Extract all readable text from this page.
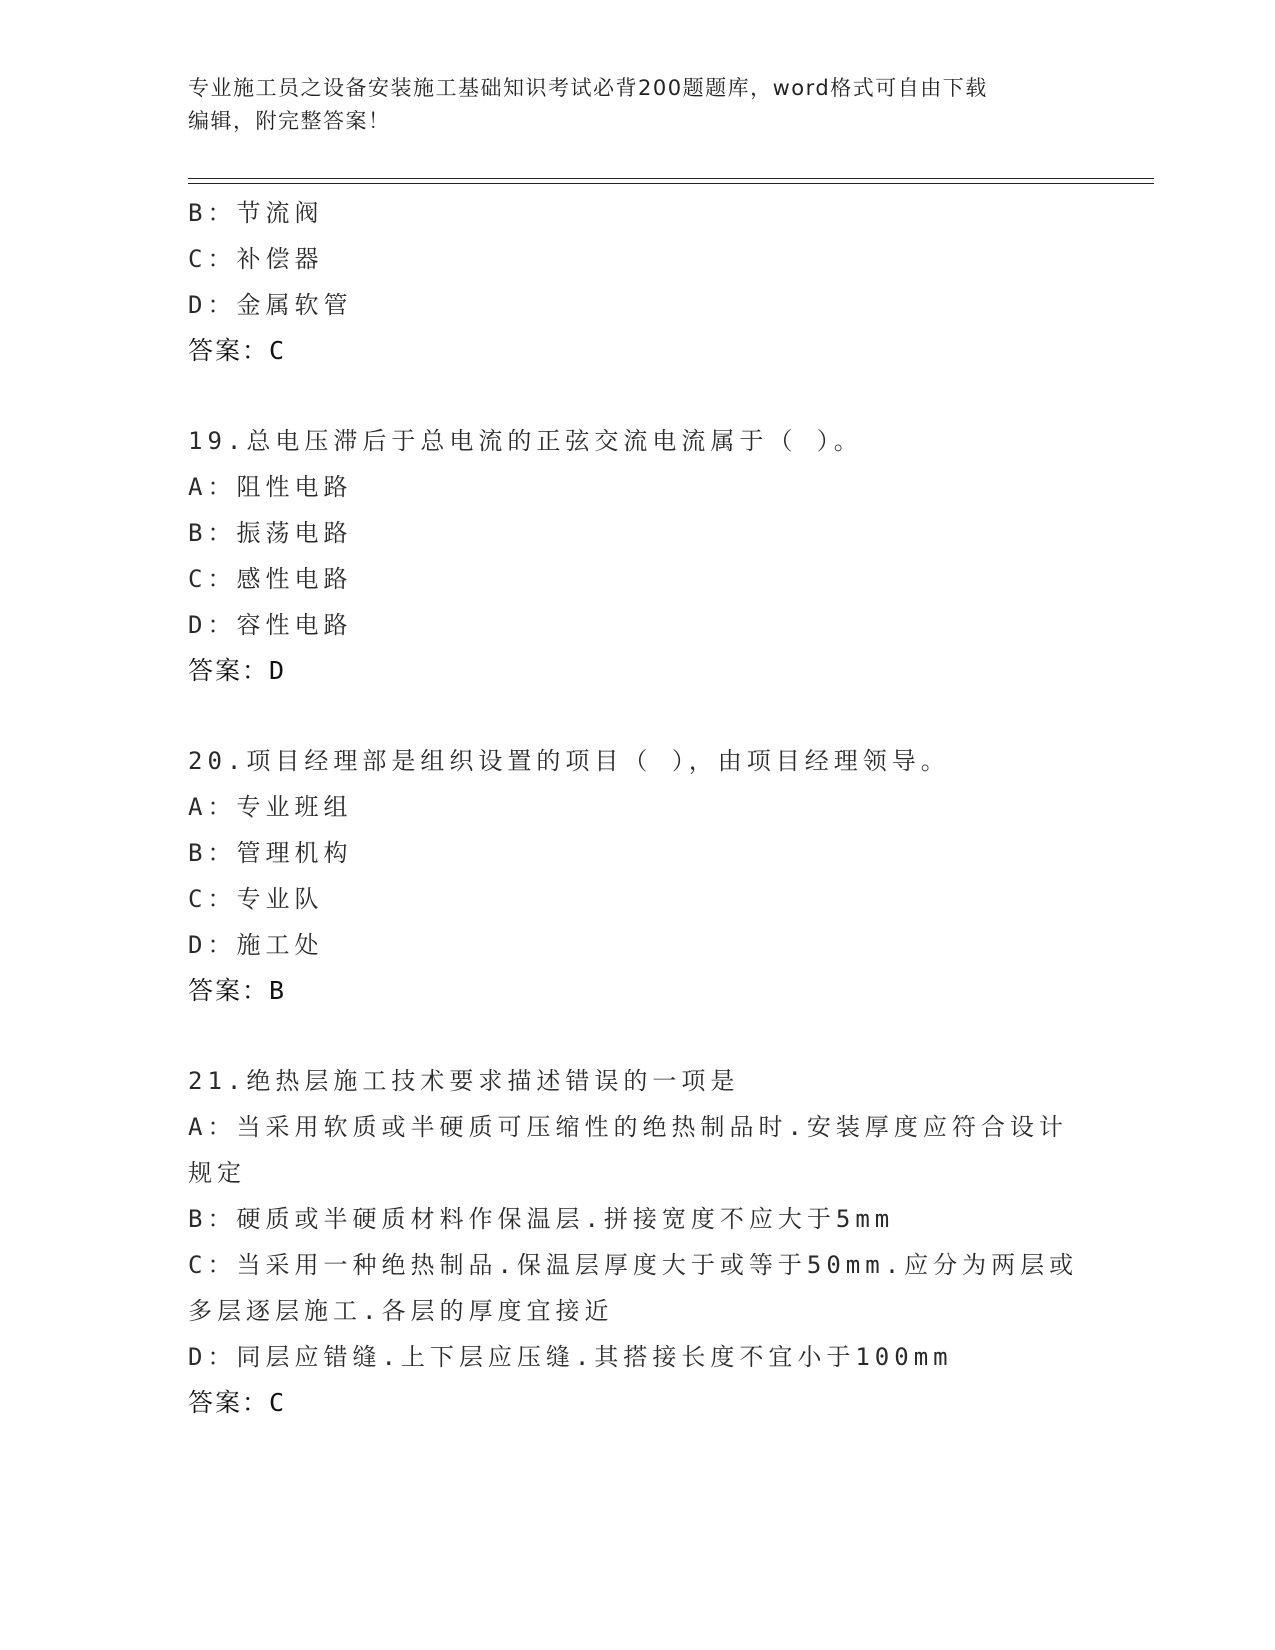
专业施工员之设备安装施工基础知识考试必背200题题库，word格式可自由下载
编辑，附完整答案！
B：节流阀
C：补偿器
D：金属软管
答案：C
19.总电压滞后于总电流的正弦交流电流属于（ ）。
A：阻性电路
B：振荡电路
C：感性电路
D：容性电路
答案：D
20.项目经理部是组织设置的项目（ ），由项目经理领导。
A：专业班组
B：管理机构
C：专业队
D：施工处
答案：B
21.绝热层施工技术要求描述错误的一项是
A：当采用软质或半硬质可压缩性的绝热制品时.安装厚度应符合设计规定
B：硬质或半硬质材料作保温层.拼接宽度不应大于5mm
C：当采用一种绝热制品.保温层厚度大于或等于50mm.应分为两层或多层逐层施工.各层的厚度宜接近
D：同层应错缝.上下层应压缝.其搭接长度不宜小于100mm
答案：C
